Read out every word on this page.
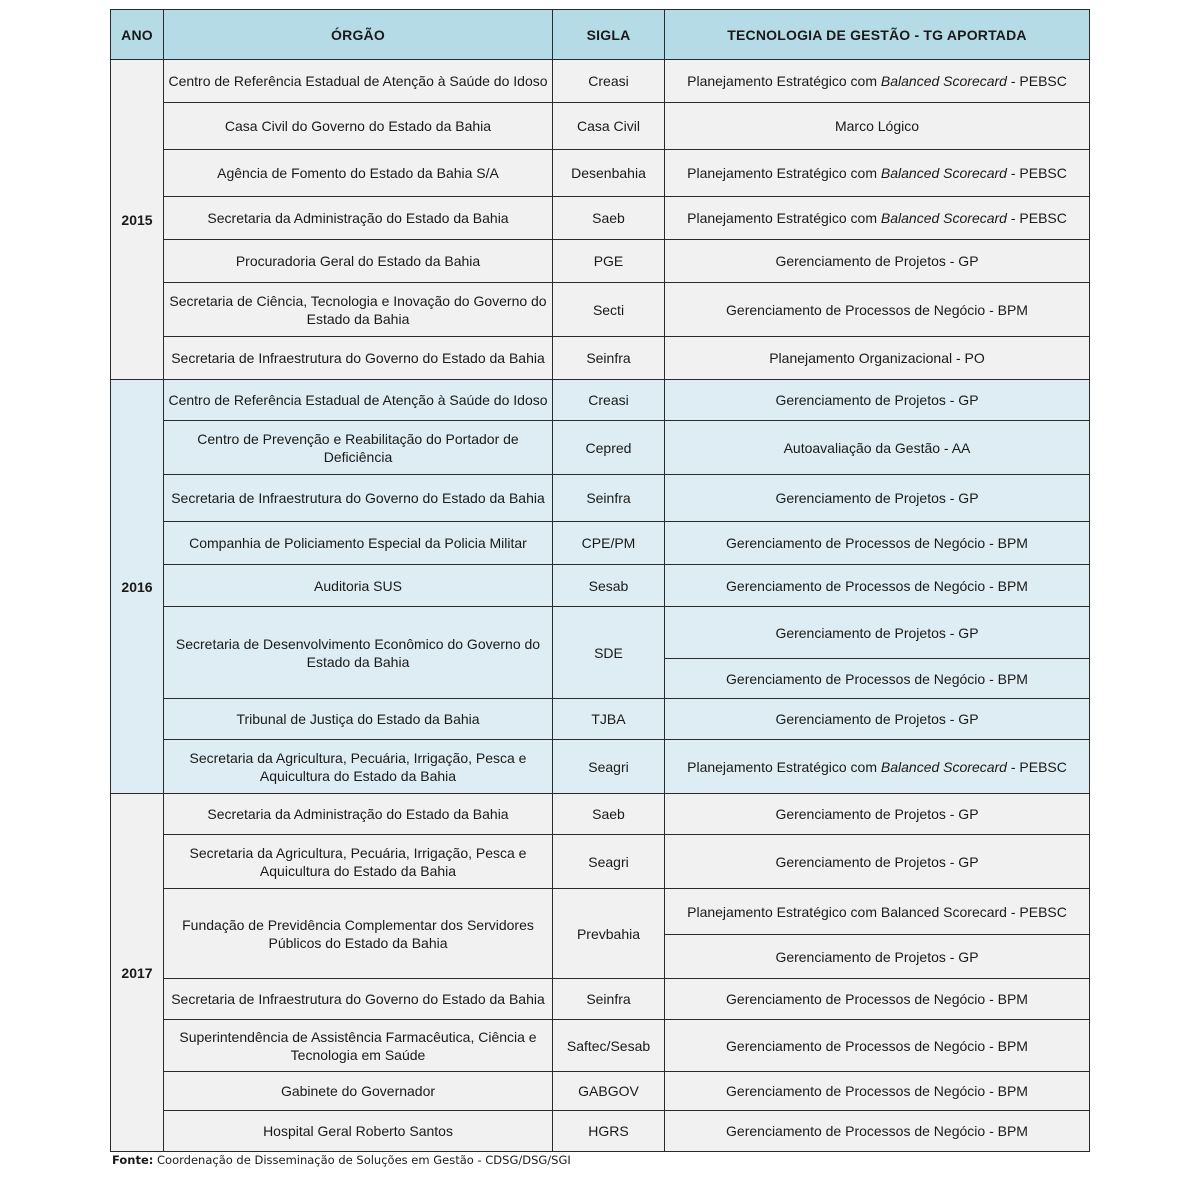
ANO	ÓRGÃO	SIGLA	TECNOLOGIA DE GESTÃO - TG APORTADA
2015	Centro de Referência Estadual de Atenção à Saúde do Idoso	Creasi	Planejamento Estratégico com Balanced Scorecard - PEBSC
	Casa Civil do Governo do Estado da Bahia	Casa Civil	Marco Lógico
	Agência de Fomento do Estado da Bahia S/A	Desenbahia	Planejamento Estratégico com Balanced Scorecard - PEBSC
	Secretaria da Administração do Estado da Bahia	Saeb	Planejamento Estratégico com Balanced Scorecard - PEBSC
	Procuradoria Geral do Estado da Bahia	PGE	Gerenciamento de Projetos - GP
	Secretaria de Ciência, Tecnologia e Inovação do Governo do Estado da Bahia	Secti	Gerenciamento de Processos de Negócio - BPM
	Secretaria de Infraestrutura do Governo do Estado da Bahia	Seinfra	Planejamento Organizacional - PO
2016	Centro de Referência Estadual de Atenção à Saúde do Idoso	Creasi	Gerenciamento de Projetos - GP
	Centro de Prevenção e Reabilitação do Portador de Deficiência	Cepred	Autoavaliação da Gestão - AA
	Secretaria de Infraestrutura do Governo do Estado da Bahia	Seinfra	Gerenciamento de Projetos - GP
	Companhia de Policiamento Especial da Policia Militar	CPE/PM	Gerenciamento de Processos de Negócio - BPM
	Auditoria SUS	Sesab	Gerenciamento de Processos de Negócio - BPM
	Secretaria de Desenvolvimento Econômico do Governo do Estado da Bahia	SDE	Gerenciamento de Projetos - GP
			Gerenciamento de Processos de Negócio - BPM
	Tribunal de Justiça do Estado da Bahia	TJBA	Gerenciamento de Projetos - GP
	Secretaria da Agricultura, Pecuária, Irrigação, Pesca e Aquicultura do Estado da Bahia	Seagri	Planejamento Estratégico com Balanced Scorecard - PEBSC
2017	Secretaria da Administração do Estado da Bahia	Saeb	Gerenciamento de Projetos - GP
	Secretaria da Agricultura, Pecuária, Irrigação, Pesca e Aquicultura do Estado da Bahia	Seagri	Gerenciamento de Projetos - GP
	Fundação de Previdência Complementar dos Servidores Públicos do Estado da Bahia	Prevbahia	Planejamento Estratégico com Balanced Scorecard - PEBSC
			Gerenciamento de Projetos - GP
	Secretaria de Infraestrutura do Governo do Estado da Bahia	Seinfra	Gerenciamento de Processos de Negócio - BPM
	Superintendência de Assistência Farmacêutica, Ciência e Tecnologia em Saúde	Saftec/Sesab	Gerenciamento de Processos de Negócio - BPM
	Gabinete do Governador	GABGOV	Gerenciamento de Processos de Negócio - BPM
	Hospital Geral Roberto Santos	HGRS	Gerenciamento de Processos de Negócio - BPM
Fonte: Coordenação de Disseminação de Soluções em Gestão - CDSG/DSG/SGI
